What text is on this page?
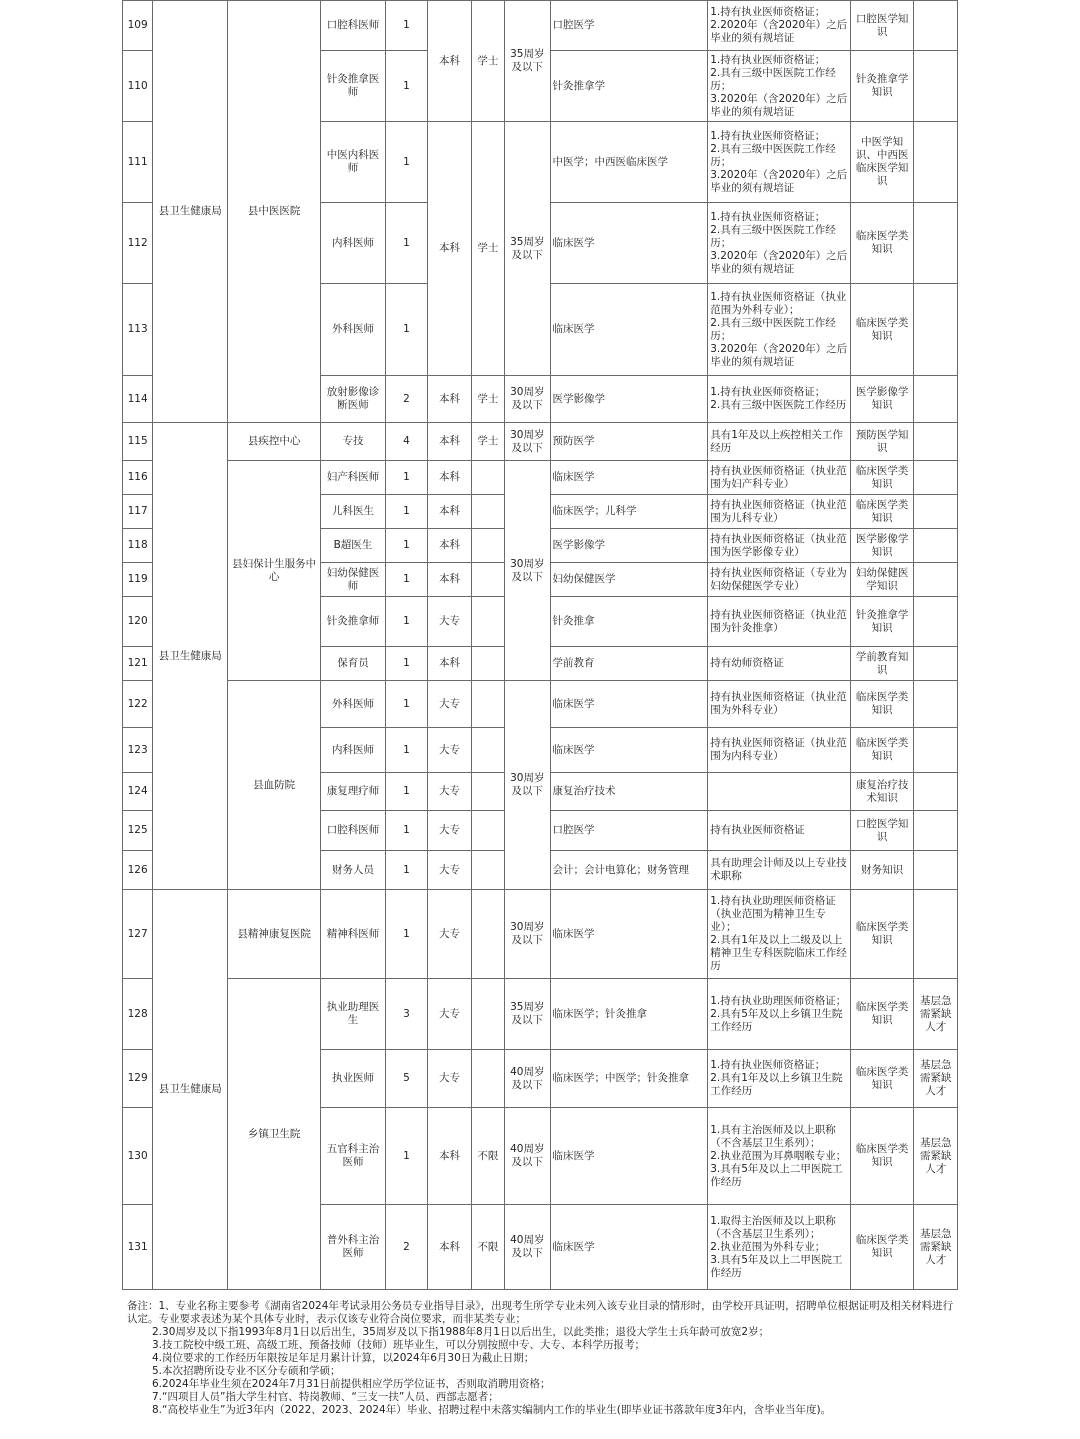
109	县卫生健康局	县中医医院	口腔科医师	1	本科	学士	35周岁及以下	口腔医学	1.持有执业医师资格证；
2.2020年（含2020年）之后毕业的须有规培证	口腔医学知识	
110			针灸推拿医师	1				针灸推拿学	1.持有执业医师资格证；
2.具有三级中医医院工作经历；
3.2020年（含2020年）之后毕业的须有规培证	针灸推拿学知识	
111			中医内科医师	1	本科	学士	35周岁及以下	中医学；中西医临床医学	1.持有执业医师资格证；
2.具有三级中医医院工作经历；
3.2020年（含2020年）之后毕业的须有规培证	中医学知识、中西医临床医学知识	
112			内科医师	1				临床医学	1.持有执业医师资格证；
2.具有三级中医医院工作经历；
3.2020年（含2020年）之后毕业的须有规培证	临床医学类知识	
113			外科医师	1				临床医学	1.持有执业医师资格证（执业范围为外科专业）；
2.具有三级中医医院工作经历；
3.2020年（含2020年）之后毕业的须有规培证	临床医学类知识	
114			放射影像诊断医师	2	本科	学士	30周岁及以下	医学影像学	1.持有执业医师资格证；
2.具有三级中医医院工作经历	医学影像学知识	
115	县卫生健康局	县疾控中心	专技	4	本科	学士	30周岁及以下	预防医学	具有1年及以上疾控相关工作经历	预防医学知识	
116		县妇保计生服务中心	妇产科医师	1	本科		30周岁及以下	临床医学	持有执业医师资格证（执业范围为妇产科专业）	临床医学类知识	
117			儿科医生	1	本科			临床医学；儿科学	持有执业医师资格证（执业范围为儿科专业）	临床医学类知识	
118			B超医生	1	本科			医学影像学	持有执业医师资格证（执业范围为医学影像专业）	医学影像学知识	
119			妇幼保健医师	1	本科			妇幼保健医学	持有执业医师资格证（专业为妇幼保健医学专业）	妇幼保健医学知识	
120			针灸推拿师	1	大专			针灸推拿	持有执业医师资格证（执业范围为针灸推拿）	针灸推拿学知识	
121			保育员	1	本科			学前教育	持有幼师资格证	学前教育知识	
122		县血防院	外科医师	1	大专		30周岁及以下	临床医学	持有执业医师资格证（执业范围为外科专业）	临床医学类知识	
123			内科医师	1	大专			临床医学	持有执业医师资格证（执业范围为内科专业）	临床医学类知识	
124			康复理疗师	1	大专			康复治疗技术		康复治疗技术知识	
125			口腔科医师	1	大专			口腔医学	持有执业医师资格证	口腔医学知识	
126			财务人员	1	大专			会计；会计电算化；财务管理	具有助理会计师及以上专业技术职称	财务知识	
127	县卫生健康局	县精神康复医院	精神科医师	1	大专		30周岁及以下	临床医学	1.持有执业助理医师资格证（执业范围为精神卫生专业）；
2.具有1年及以上二级及以上精神卫生专科医院临床工作经历	临床医学类知识	
128		乡镇卫生院	执业助理医生	3	大专		35周岁及以下	临床医学；针灸推拿	1.持有执业助理医师资格证；
2.具有5年及以上乡镇卫生院工作经历	临床医学类知识	基层急需紧缺人才
129			执业医师	5	大专		40周岁及以下	临床医学；中医学；针灸推拿	1.持有执业医师资格证；
2.具有1年及以上乡镇卫生院工作经历	临床医学类知识	基层急需紧缺人才
130			五官科主治医师	1	本科	不限	40周岁及以下	临床医学	1.具有主治医师及以上职称（不含基层卫生系列）；
2.执业范围为耳鼻咽喉专业；
3.具有5年及以上二甲医院工作经历	临床医学类知识	基层急需紧缺人才
131			普外科主治医师	2	本科	不限	40周岁及以下	临床医学	1.取得主治医师及以上职称（不含基层卫生系列）；
2.执业范围为外科专业；
3.具有5年及以上二甲医院工作经历	临床医学类知识	基层急需紧缺人才
备注：1、专业名称主要参考《湖南省2024年考试录用公务员专业指导目录》，出现考生所学专业未列入该专业目录的情形时，由学校开具证明，招聘单位根据证明及相关材料进行认定。专业要求表述为某个具体专业时，表示仅该专业符合岗位要求，而非某类专业；
2.30周岁及以下指1993年8月1日以后出生，35周岁及以下指1988年8月1日以后出生，以此类推；退役大学生士兵年龄可放宽2岁；
3.技工院校中级工班、高级工班、预备技师（技师）班毕业生，可以分别按照中专、大专、本科学历报考；
4.岗位要求的工作经历年限按足年足月累计计算，以2024年6月30日为截止日期；
5.本次招聘所设专业不区分专硕和学硕；
6.2024年毕业生须在2024年7月31日前提供相应学历学位证书，否则取消聘用资格；
7.“四项目人员”指大学生村官、特岗教师、“三支一扶”人员、西部志愿者；
8.“高校毕业生”为近3年内（2022、2023、2024年）毕业、招聘过程中未落实编制内工作的毕业生(即毕业证书落款年度3年内，含毕业当年度)。
